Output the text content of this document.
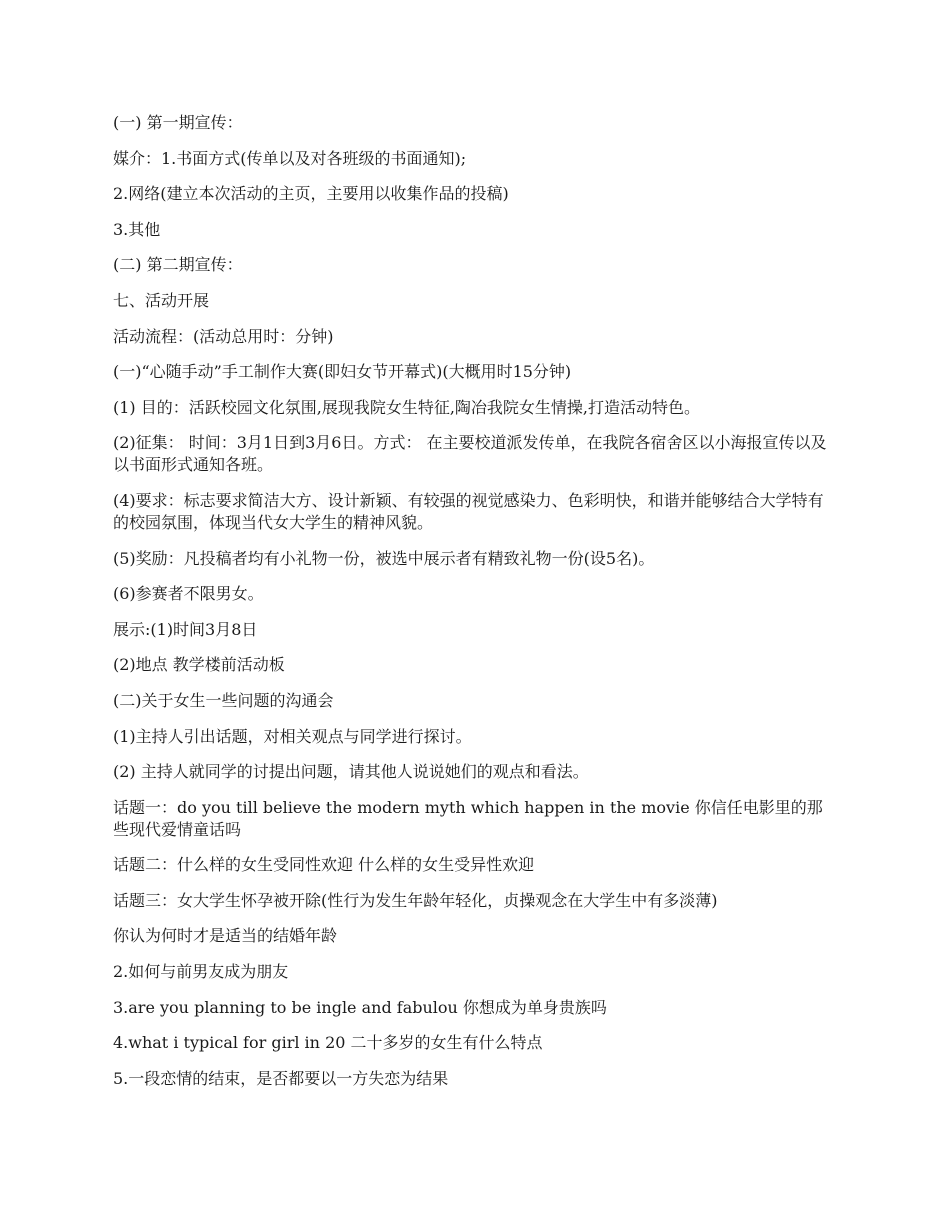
(一) 第一期宣传：

媒介：1.书面方式(传单以及对各班级的书面通知);

2.网络(建立本次活动的主页，主要用以收集作品的投稿)

3.其他

(二) 第二期宣传：

七、活动开展

活动流程：(活动总用时：分钟)

(一)“心随手动”手工制作大赛(即妇女节开幕式)(大概用时15分钟)

(1) 目的：活跃校园文化氛围,展现我院女生特征,陶冶我院女生情操,打造活动特色。

(2)征集： 时间：3月1日到3月6日。方式： 在主要校道派发传单，在我院各宿舍区以小海报宣传以及以书面形式通知各班。

(4)要求：标志要求简洁大方、设计新颖、有较强的视觉感染力、色彩明快，和谐并能够结合大学特有的校园氛围，体现当代女大学生的精神风貌。

(5)奖励：凡投稿者均有小礼物一份，被选中展示者有精致礼物一份(设5名)。

(6)参赛者不限男女。

展示:(1)时间3月8日

(2)地点 教学楼前活动板

(二)关于女生一些问题的沟通会

(1)主持人引出话题，对相关观点与同学进行探讨。

(2) 主持人就同学的讨提出问题，请其他人说说她们的观点和看法。

话题一：do you till believe the modern myth which happen in the movie 你信任电影里的那些现代爱情童话吗

话题二：什么样的女生受同性欢迎 什么样的女生受异性欢迎

话题三：女大学生怀孕被开除(性行为发生年龄年轻化，贞操观念在大学生中有多淡薄)

你认为何时才是适当的结婚年龄

2.如何与前男友成为朋友

3.are you planning to be ingle and fabulou 你想成为单身贵族吗

4.what i typical for girl in 20 二十多岁的女生有什么特点

5.一段恋情的结束，是否都要以一方失恋为结果
